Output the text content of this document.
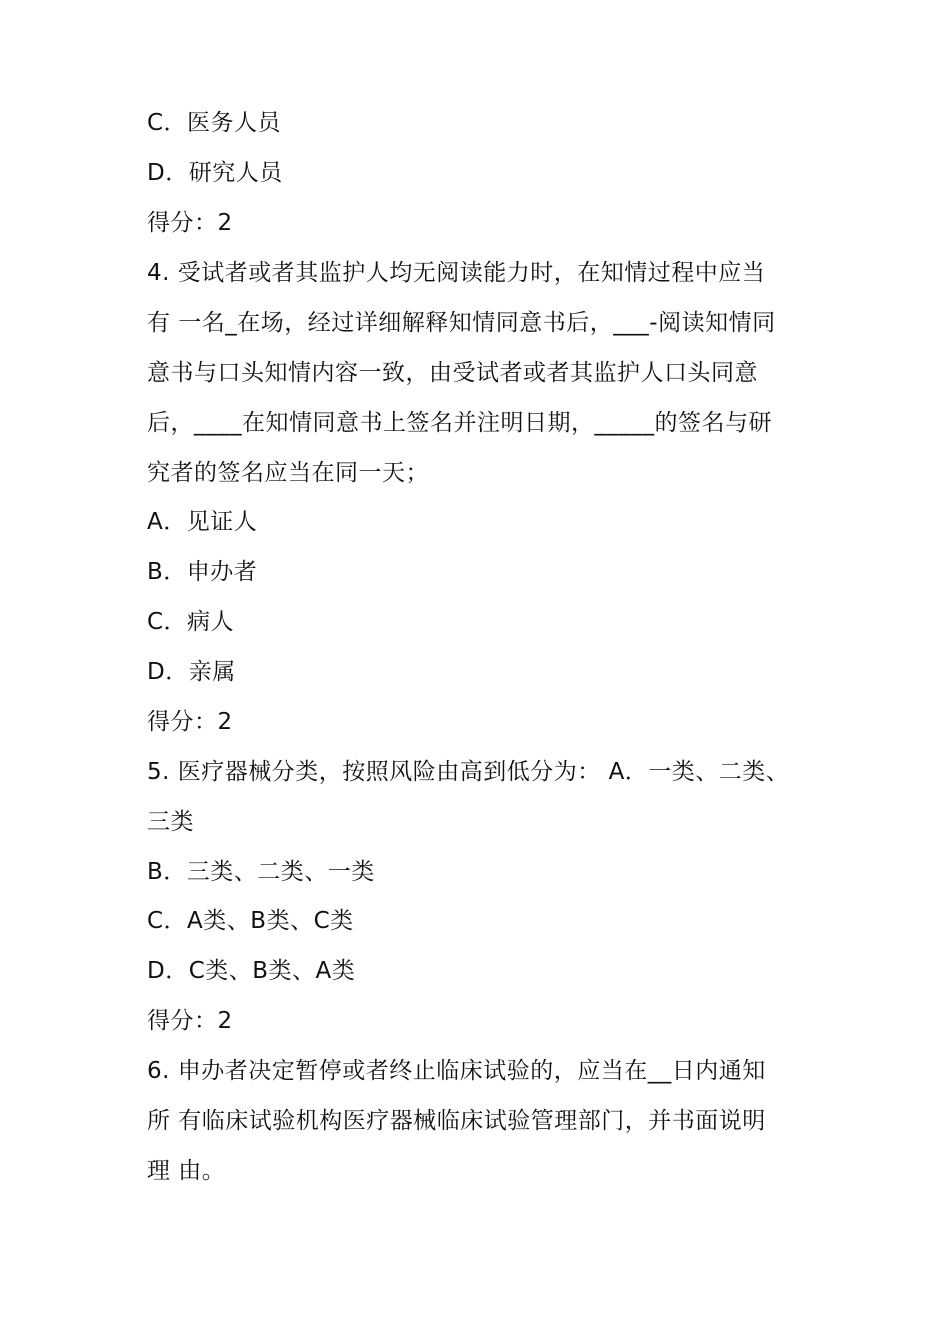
C．医务人员
D．研究人员
得分：2
4. 受试者或者其监护人均无阅读能力时，在知情过程中应当
有 一名_在场，经过详细解释知情同意书后，___-阅读知情同
意书与口头知情内容一致，由受试者或者其监护人口头同意
后，____在知情同意书上签名并注明日期，_____的签名与研
究者的签名应当在同一天；
A．见证人
B．申办者
C．病人
D．亲属
得分：2
5. 医疗器械分类，按照风险由高到低分为： A．一类、二类、
三类
B．三类、二类、一类
C．A类、B类、C类
D．C类、B类、A类
得分：2
6. 申办者决定暂停或者终止临床试验的，应当在__日内通知
所 有临床试验机构医疗器械临床试验管理部门，并书面说明
理 由。
